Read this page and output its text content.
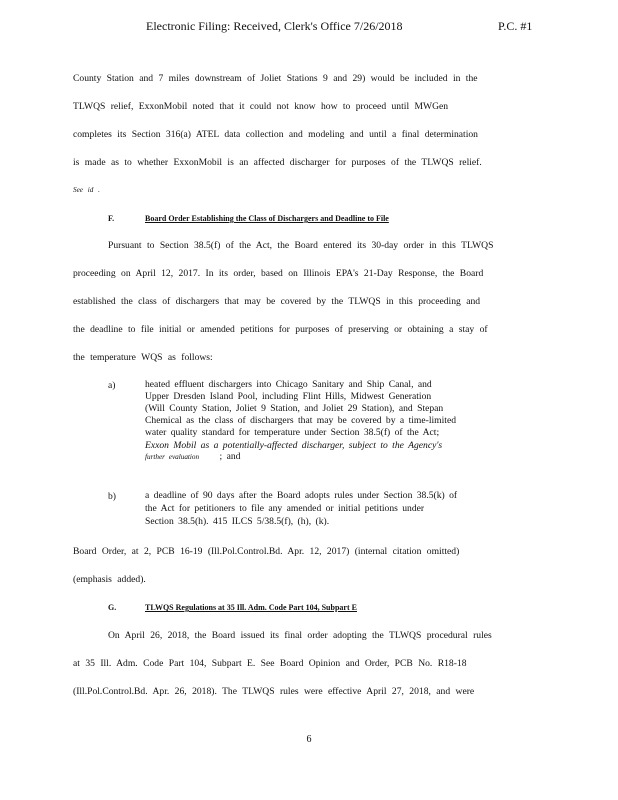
Electronic Filing: Received, Clerk's Office 7/26/2018	P.C. #1
County Station and 7 miles downstream of Joliet Stations 9 and 29) would be included in the
TLWQS relief, ExxonMobil noted that it could not know how to proceed until MWGen
completes its Section 316(a) ATEL data collection and modeling and until a final determination
is made as to whether ExxonMobil is an affected discharger for purposes of the TLWQS relief.
See id .
F.	Board Order Establishing the Class of Dischargers and Deadline to File
Pursuant to Section 38.5(f) of the Act, the Board entered its 30-day order in this TLWQS
proceeding on April 12, 2017. In its order, based on Illinois EPA's 21-Day Response, the Board
established the class of dischargers that may be covered by the TLWQS in this proceeding and
the deadline to file initial or amended petitions for purposes of preserving or obtaining a stay of
the temperature WQS as follows:
a)	heated effluent dischargers into Chicago Sanitary and Ship Canal, and
Upper Dresden Island Pool, including Flint Hills, Midwest Generation
(Will County Station, Joliet 9 Station, and Joliet 29 Station), and Stepan
Chemical as the class of dischargers that may be covered by a time-limited
water quality standard for temperature under Section 38.5(f) of the Act;
Exxon Mobil as a potentially-affected discharger, subject to the Agency's
further evaluation ; and
b)	a deadline of 90 days after the Board adopts rules under Section 38.5(k) of
the Act for petitioners to file any amended or initial petitions under
Section 38.5(h). 415 ILCS 5/38.5(f), (h), (k).
Board Order, at 2, PCB 16-19 (Ill.Pol.Control.Bd. Apr. 12, 2017) (internal citation omitted)
(emphasis added).
G.	TLWQS Regulations at 35 Ill. Adm. Code Part 104, Subpart E
On April 26, 2018, the Board issued its final order adopting the TLWQS procedural rules
at 35 Ill. Adm. Code Part 104, Subpart E. See Board Opinion and Order, PCB No. R18-18
(Ill.Pol.Control.Bd. Apr. 26, 2018). The TLWQS rules were effective April 27, 2018, and were
6
